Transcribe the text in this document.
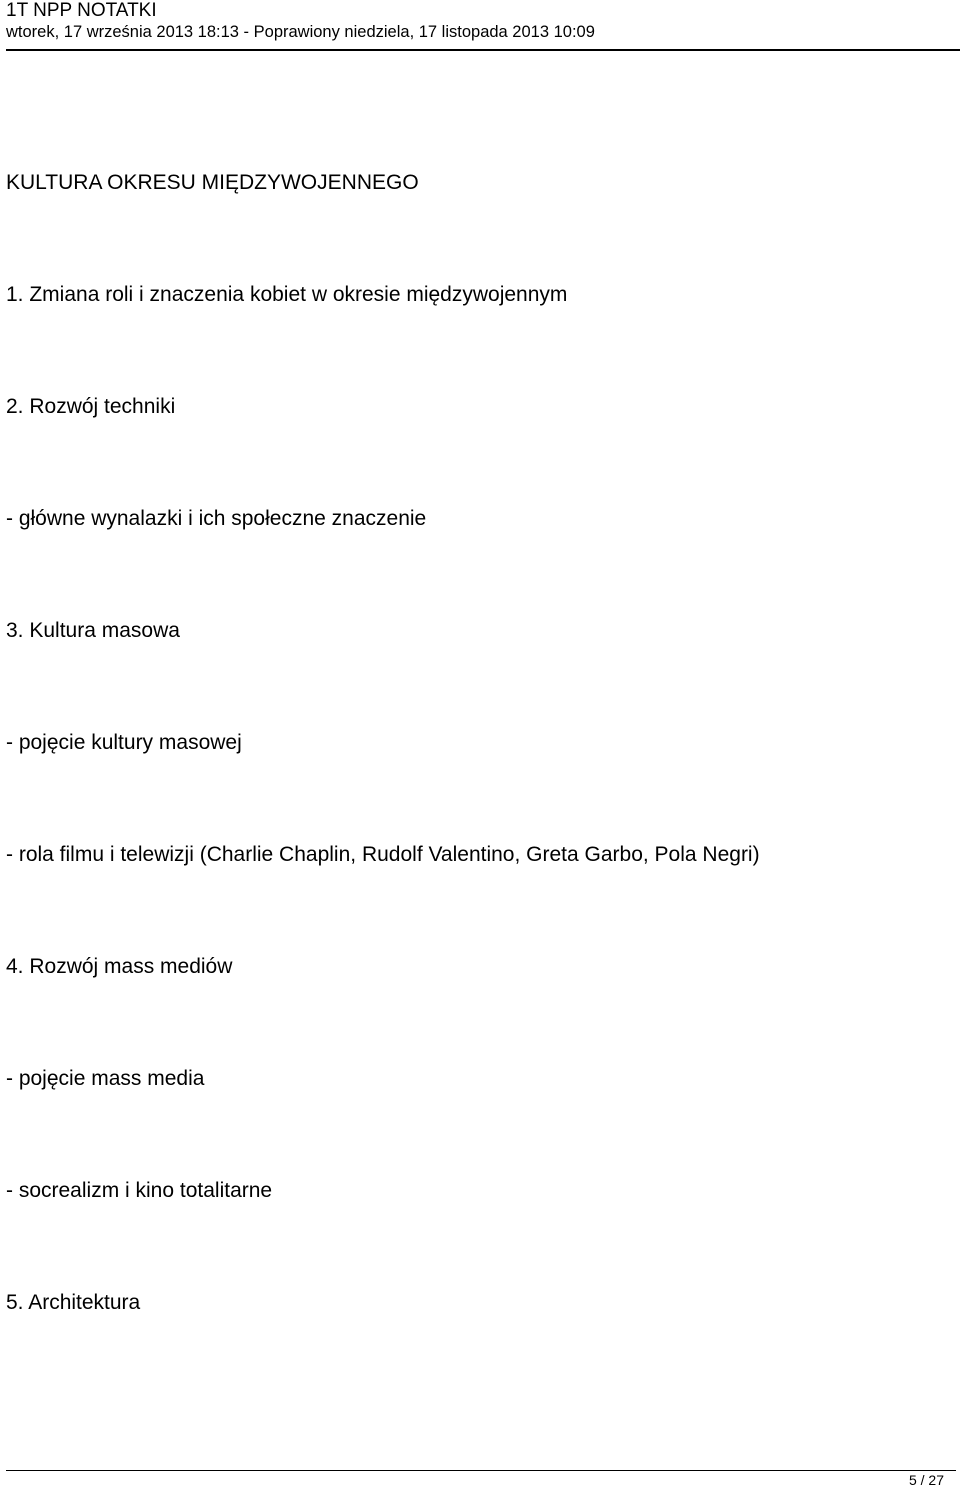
1T NPP NOTATKI
wtorek, 17 września 2013 18:13 - Poprawiony niedziela, 17 listopada 2013 10:09
KULTURA OKRESU MIĘDZYWOJENNEGO
1. Zmiana roli i znaczenia kobiet w okresie międzywojennym
2. Rozwój techniki
- główne wynalazki i ich społeczne znaczenie
3. Kultura masowa
- pojęcie kultury masowej
- rola filmu i telewizji (Charlie Chaplin, Rudolf Valentino, Greta Garbo, Pola Negri)
4. Rozwój mass mediów
- pojęcie mass media
- socrealizm i kino totalitarne
5. Architektura
5 / 27
